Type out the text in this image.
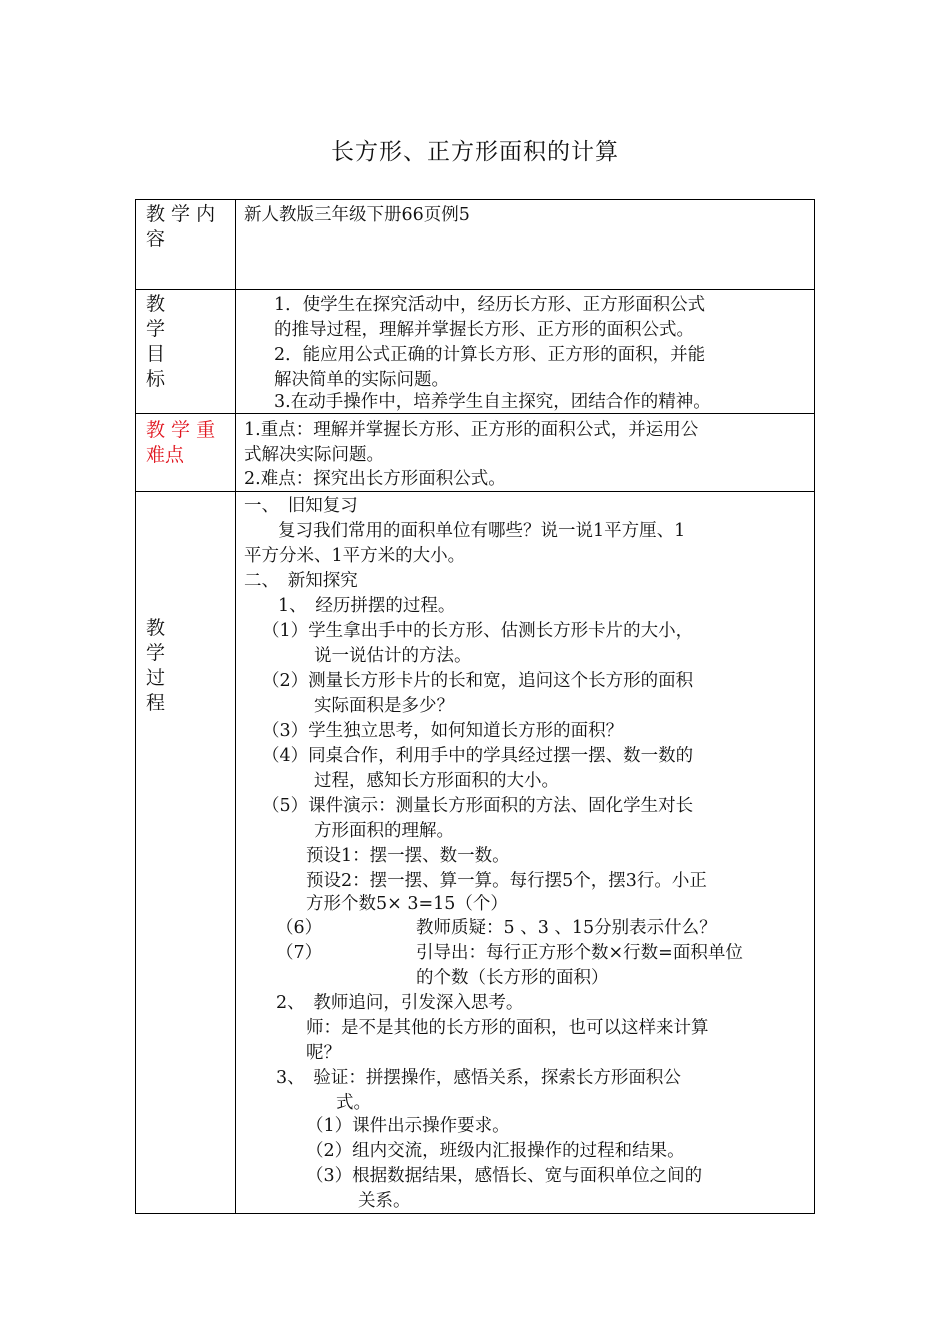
长方形、正方形面积的计算
教 学 内
容
新人教版三年级下册66页例5
教
学
目
标
1．使学生在探究活动中，经历长方形、正方形面积公式
的推导过程，理解并掌握长方形、正方形的面积公式。
2．能应用公式正确的计算长方形、正方形的面积，并能
解决简单的实际问题。
3.在动手操作中，培养学生自主探究，团结合作的精神。
教 学 重
难点
1.重点：理解并掌握长方形、正方形的面积公式，并运用公
式解决实际问题。
2.难点：探究出长方形面积公式。
教
学
过
程
一、　旧知复习
复习我们常用的面积单位有哪些？说一说1平方厘、1
平方分米、1平方米的大小。
二、　新知探究
1、　经历拼摆的过程。
（1）学生拿出手中的长方形、估测长方形卡片的大小，
说一说估计的方法。
（2）测量长方形卡片的长和宽，追问这个长方形的面积
实际面积是多少？
（3）学生独立思考，如何知道长方形的面积？
（4）同桌合作，利用手中的学具经过摆一摆、数一数的
过程，感知长方形面积的大小。
（5）课件演示：测量长方形面积的方法、固化学生对长
方形面积的理解。
预设1：摆一摆、数一数。
预设2：摆一摆、算一算。每行摆5个，摆3行。小正
方形个数5× 3=15（个）
（6）	教师质疑：5 、3 、15分别表示什么？
（7）	引导出：每行正方形个数×行数=面积单位
的个数（长方形的面积）
2、　教师追问，引发深入思考。
师：是不是其他的长方形的面积，也可以这样来计算
呢？
3、　验证：拼摆操作，感悟关系，探索长方形面积公
式。
（1）课件出示操作要求。
（2）组内交流，班级内汇报操作的过程和结果。
（3）根据数据结果，感悟长、宽与面积单位之间的
关系。
